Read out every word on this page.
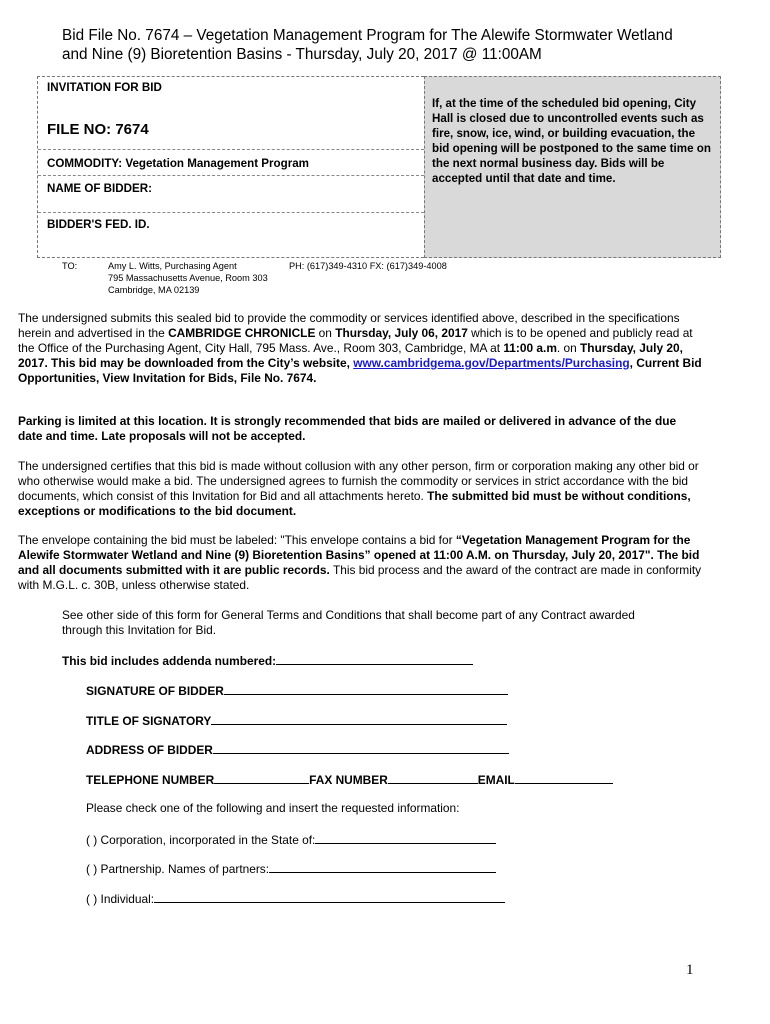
Bid File No. 7674 – Vegetation Management Program for The Alewife Stormwater Wetland
and Nine (9) Bioretention Basins - Thursday, July 20, 2017 @ 11:00AM
INVITATION FOR BID
FILE NO: 7674
COMMODITY: Vegetation Management Program
NAME OF BIDDER:
BIDDER'S FED. ID.
If, at the time of the scheduled bid opening, City Hall is closed due to uncontrolled events such as fire, snow, ice, wind, or building evacuation, the bid opening will be postponed to the same time on the next normal business day. Bids will be accepted until that date and time.
TO:	Amy L. Witts, Purchasing Agent
795 Massachusetts Avenue, Room 303
Cambridge, MA 02139
PH: (617)349-4310 FX: (617)349-4008

The undersigned submits this sealed bid to provide the commodity or services identified above, described in the specifications herein and advertised in the CAMBRIDGE CHRONICLE on Thursday, July 06, 2017 which is to be opened and publicly read at the Office of the Purchasing Agent, City Hall, 795 Mass. Ave., Room 303, Cambridge, MA at 11:00 a.m. on Thursday, July 20, 2017. This bid may be downloaded from the City’s website, www.cambridgema.gov/Departments/Purchasing, Current Bid Opportunities, View Invitation for Bids, File No. 7674.

Parking is limited at this location. It is strongly recommended that bids are mailed or delivered in advance of the due date and time. Late proposals will not be accepted.

The undersigned certifies that this bid is made without collusion with any other person, firm or corporation making any other bid or who otherwise would make a bid. The undersigned agrees to furnish the commodity or services in strict accordance with the bid documents, which consist of this Invitation for Bid and all attachments hereto. The submitted bid must be without conditions, exceptions or modifications to the bid document.

The envelope containing the bid must be labeled: "This envelope contains a bid for “Vegetation Management Program for the Alewife Stormwater Wetland and Nine (9) Bioretention Basins” opened at 11:00 A.M. on Thursday, July 20, 2017". The bid and all documents submitted with it are public records. This bid process and the award of the contract are made in conformity with M.G.L. c. 30B, unless otherwise stated.

See other side of this form for General Terms and Conditions that shall become part of any Contract awarded through this Invitation for Bid.

This bid includes addenda numbered:
SIGNATURE OF BIDDER
TITLE OF SIGNATORY
ADDRESS OF BIDDER
TELEPHONE NUMBER	FAX NUMBER	EMAIL
Please check one of the following and insert the requested information:
( ) Corporation, incorporated in the State of:
( ) Partnership. Names of partners:
( ) Individual:
1
